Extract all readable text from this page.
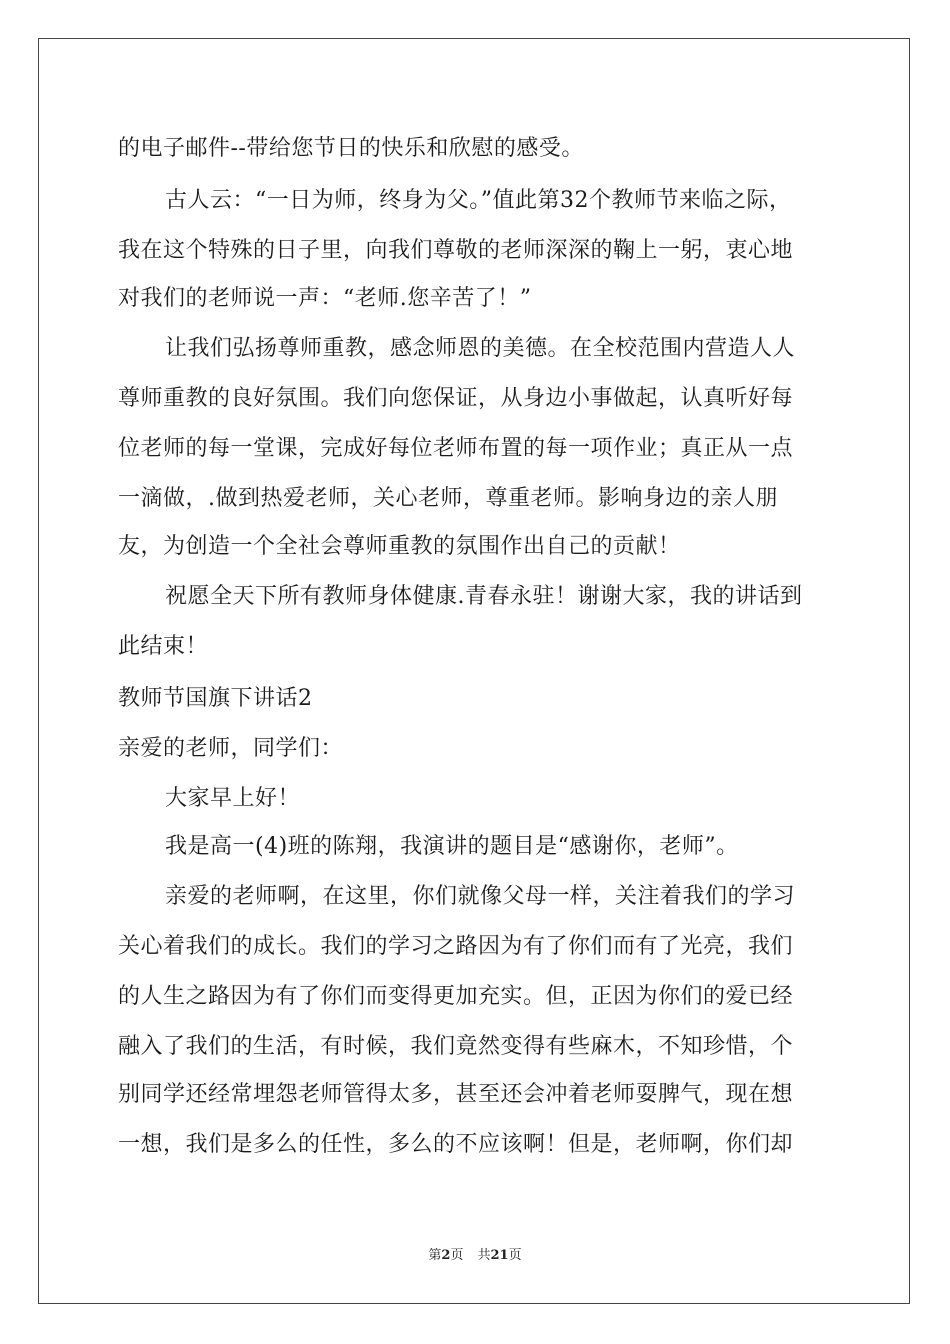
的电子邮件--带给您节日的快乐和欣慰的感受。
古人云：“一日为师，终身为父。”值此第32个教师节来临之际，
我在这个特殊的日子里，向我们尊敬的老师深深的鞠上一躬，衷心地
对我们的老师说一声：“老师.您辛苦了！”
让我们弘扬尊师重教，感念师恩的美德。在全校范围内营造人人
尊师重教的良好氛围。我们向您保证，从身边小事做起，认真听好每
位老师的每一堂课，完成好每位老师布置的每一项作业；真正从一点
一滴做，.做到热爱老师，关心老师，尊重老师。影响身边的亲人朋
友，为创造一个全社会尊师重教的氛围作出自己的贡献！
祝愿全天下所有教师身体健康.青春永驻！谢谢大家，我的讲话到
此结束！
教师节国旗下讲话2
亲爱的老师，同学们：
大家早上好！
我是高一(4)班的陈翔，我演讲的题目是“感谢你，老师”。
亲爱的老师啊，在这里，你们就像父母一样，关注着我们的学习
关心着我们的成长。我们的学习之路因为有了你们而有了光亮，我们
的人生之路因为有了你们而变得更加充实。但，正因为你们的爱已经
融入了我们的生活，有时候，我们竟然变得有些麻木，不知珍惜，个
别同学还经常埋怨老师管得太多，甚至还会冲着老师耍脾气，现在想
一想，我们是多么的任性，多么的不应该啊！但是，老师啊，你们却
第2页 共21页
